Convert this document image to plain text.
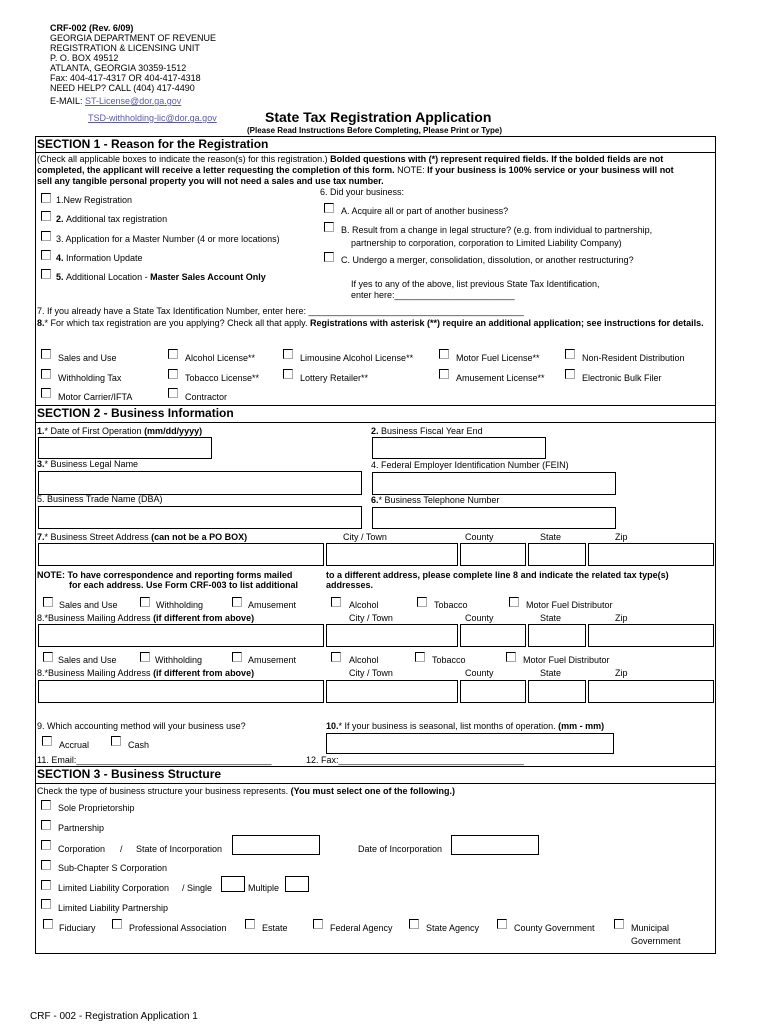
CRF-002 (Rev. 6/09)
GEORGIA DEPARTMENT OF REVENUE
REGISTRATION & LICENSING UNIT
P. O. BOX 49512
ATLANTA, GEORGIA 30359-1512
Fax: 404-417-4317 OR 404-417-4318
NEED HELP? CALL (404) 417-4490
E-MAIL: ST-License@dor.ga.gov
TSD-withholding-lic@dor.ga.gov	State Tax Registration Application
(Please Read Instructions Before Completing, Please Print or Type)
SECTION 1 - Reason for the Registration
(Check all applicable boxes to indicate the reason(s) for this registration.) Bolded questions with (*) represent required fields. If the bolded fields are not
completed, the applicant will receive a letter requesting the completion of this form. NOTE: If your business is 100% service or your business will not
sell any tangible personal property you will not need a sales and use tax number.
1.New Registration
2. Additional tax registration
3. Application for a Master Number (4 or more locations)
4. Information Update
5. Additional Location - Master Sales Account Only
6. Did your business:
A. Acquire all or part of another business?
B. Result from a change in legal structure? (e.g. from individual to partnership,
partnership to corporation, corporation to Limited Liability Company)
C. Undergo a merger, consolidation, dissolution, or another restructuring?
If yes to any of the above, list previous State Tax Identification,
enter here:________________________
7. If you already have a State Tax Identification Number, enter here: ___________________________________________
8.* For which tax registration are you applying? Check all that apply. Registrations with asterisk (**) require an additional application; see instructions for details.
Sales and Use	Alcohol License**	Limousine Alcohol License**	Motor Fuel License**	Non-Resident Distribution
Withholding Tax	Tobacco License**	Lottery Retailer**	Amusement License**	Electronic Bulk Filer
Motor Carrier/IFTA	Contractor
SECTION 2 - Business Information
1.* Date of First Operation (mm/dd/yyyy)	2. Business Fiscal Year End
3.* Business Legal Name	4. Federal Employer Identification Number (FEIN)
5. Business Trade Name (DBA)	6.* Business Telephone Number
7.* Business Street Address (can not be a PO BOX)	City / Town	County	State	Zip
NOTE: To have correspondence and reporting forms mailed
for each address. Use Form CRF-003 to list additional
to a different address, please complete line 8 and indicate the related tax type(s)
addresses.
Sales and Use	Withholding	Amusement	Alcohol	Tobacco	Motor Fuel Distributor
8.*Business Mailing Address (if different from above)	City / Town	County	State	Zip
Sales and Use	Withholding	Amusement	Alcohol	Tobacco	Motor Fuel Distributor
8.*Business Mailing Address (if different from above)	City / Town	County	State	Zip
9. Which accounting method will your business use?	10.* If your business is seasonal, list months of operation. (mm - mm)
Accrual	Cash
11. Email:_______________________________________	12. Fax:_____________________________________
SECTION 3 - Business Structure
Check the type of business structure your business represents. (You must select one of the following.)
Sole Proprietorship
Partnership
Corporation / State of Incorporation	Date of Incorporation
Sub-Chapter S Corporation
Limited Liability Corporation / Single	Multiple
Limited Liability Partnership
Fiduciary	Professional Association	Estate	Federal Agency	State Agency	County Government	Municipal
Government
CRF - 002 - Registration Application 1
